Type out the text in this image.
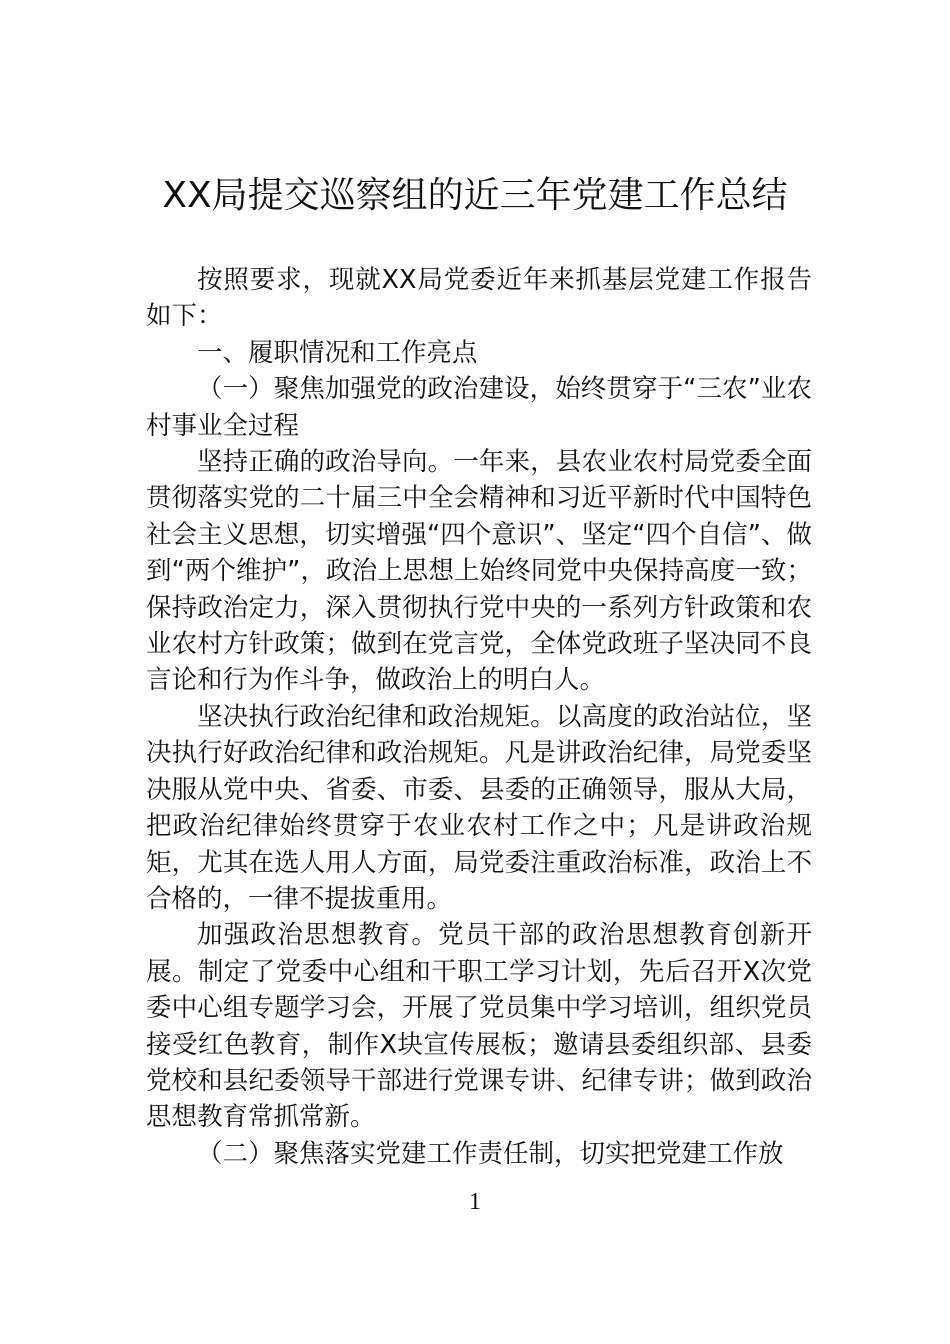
XX局提交巡察组的近三年党建工作总结

按照要求，现就XX局党委近年来抓基层党建工作报告如下：

一、履职情况和工作亮点

（一）聚焦加强党的政治建设，始终贯穿于“三农”业农村事业全过程

坚持正确的政治导向。一年来，县农业农村局党委全面贯彻落实党的二十届三中全会精神和习近平新时代中国特色社会主义思想，切实增强“四个意识”、坚定“四个自信”、做到“两个维护”，政治上思想上始终同党中央保持高度一致；保持政治定力，深入贯彻执行党中央的一系列方针政策和农业农村方针政策；做到在党言党，全体党政班子坚决同不良言论和行为作斗争，做政治上的明白人。

坚决执行政治纪律和政治规矩。以高度的政治站位，坚决执行好政治纪律和政治规矩。凡是讲政治纪律，局党委坚决服从党中央、省委、市委、县委的正确领导，服从大局，把政治纪律始终贯穿于农业农村工作之中；凡是讲政治规矩，尤其在选人用人方面，局党委注重政治标准，政治上不合格的，一律不提拔重用。

加强政治思想教育。党员干部的政治思想教育创新开展。制定了党委中心组和干职工学习计划，先后召开X次党委中心组专题学习会，开展了党员集中学习培训，组织党员接受红色教育，制作X块宣传展板；邀请县委组织部、县委党校和县纪委领导干部进行党课专讲、纪律专讲；做到政治思想教育常抓常新。

（二）聚焦落实党建工作责任制，切实把党建工作放

1
